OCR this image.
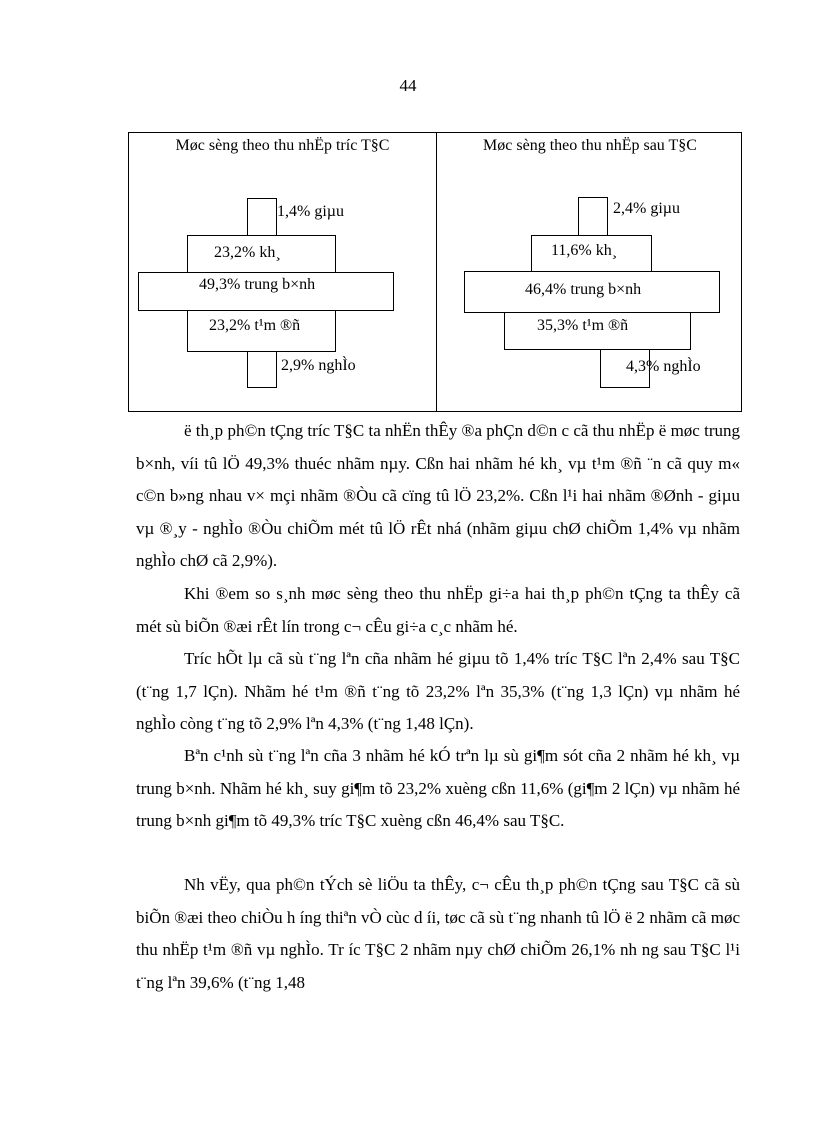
44
Møc sèng theo thu nhËp tríc T§C
1,4% giµu
23,2% kh¸
49,3% trung b×nh
23,2% t¹m ®ñ
2,9% nghÌo
Møc sèng theo thu nhËp sau T§C
2,4% giµu
11,6% kh¸
46,4% trung b×nh
35,3% t¹m ®ñ
4,3% nghÌo

ë th¸p ph©n tÇng tríc T§C ta nhËn thÊy ®a phÇn d©n c cã thu nhËp ë møc trung b×nh, víi tû lÖ 49,3% thuéc nhãm nµy. Cßn hai nhãm hé kh¸ vµ t¹m ®ñ ¨n cã quy m« c©n b»ng nhau v× mçi nhãm ®Òu cã cïng tû lÖ 23,2%. Cßn l¹i hai nhãm ®Ønh - giµu vµ ®¸y - nghÌo ®Òu chiÕm mét tû lÖ rÊt nhá (nhãm giµu chØ chiÕm 1,4% vµ nhãm nghÌo chØ cã 2,9%).

Khi ®em so s¸nh møc sèng theo thu nhËp gi÷a hai th¸p ph©n tÇng ta thÊy cã mét sù biÕn ®æi rÊt lín trong c¬ cÊu gi÷a c¸c nhãm hé.

Tríc hÕt lµ cã sù t¨ng lªn cña nhãm hé giµu tõ 1,4% tríc T§C lªn 2,4% sau T§C (t¨ng 1,7 lÇn). Nhãm hé t¹m ®ñ t¨ng tõ 23,2% lªn 35,3% (t¨ng 1,3 lÇn) vµ nhãm hé nghÌo còng t¨ng tõ 2,9% lªn 4,3% (t¨ng 1,48 lÇn).

Bªn c¹nh sù t¨ng lªn cña 3 nhãm hé kÓ trªn lµ sù gi¶m sót cña 2 nhãm hé kh¸ vµ trung b×nh. Nhãm hé kh¸ suy gi¶m tõ 23,2% xuèng cßn 11,6% (gi¶m 2 lÇn) vµ nhãm hé trung b×nh gi¶m tõ 49,3% tríc T§C xuèng cßn 46,4% sau T§C.

Nh vËy, qua ph©n tÝch sè liÖu ta thÊy, c¬ cÊu th¸p ph©n tÇng sau T§C cã sù biÕn ®æi theo chiÒu h íng thiªn vÒ cùc d íi, tøc cã sù t¨ng nhanh tû lÖ ë 2 nhãm cã møc thu nhËp t¹m ®ñ vµ nghÌo. Tr íc T§C 2 nhãm nµy chØ chiÕm 26,1% nh ng sau T§C l¹i t¨ng lªn 39,6% (t¨ng 1,48
